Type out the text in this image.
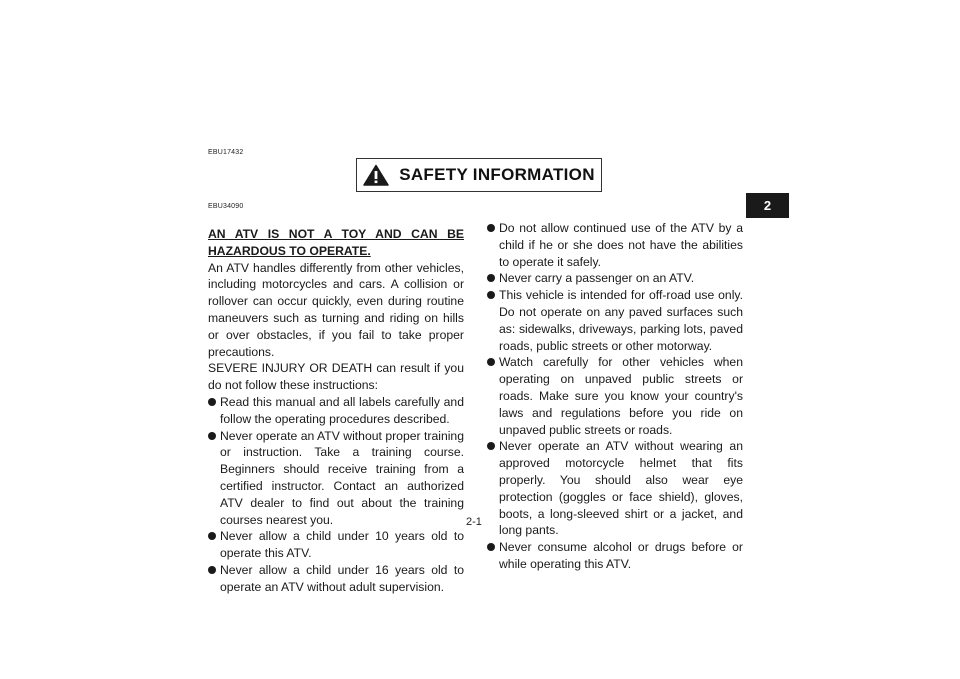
EBU17432
SAFETY INFORMATION
2
EBU34090

AN ATV IS NOT A TOY AND CAN BE HAZARDOUS TO OPERATE.

An ATV handles differently from other vehicles, including motorcycles and cars. A collision or rollover can occur quickly, even during routine maneuvers such as turning and riding on hills or over obstacles, if you fail to take proper precautions.

SEVERE INJURY OR DEATH can result if you do not follow these instructions:

Read this manual and all labels carefully and follow the operating procedures described.
Never operate an ATV without proper training or instruction. Take a training course. Beginners should receive training from a certified instructor. Contact an authorized ATV dealer to find out about the training courses nearest you.
Never allow a child under 10 years old to operate this ATV.
Never allow a child under 16 years old to operate an ATV without adult supervision.
Do not allow continued use of the ATV by a child if he or she does not have the abilities to operate it safely.
Never carry a passenger on an ATV.
This vehicle is intended for off-road use only. Do not operate on any paved surfaces such as: sidewalks, driveways, parking lots, paved roads, public streets or other motorway.
Watch carefully for other vehicles when operating on unpaved public streets or roads. Make sure you know your country's laws and regulations before you ride on unpaved public streets or roads.
Never operate an ATV without wearing an approved motorcycle helmet that fits properly. You should also wear eye protection (goggles or face shield), gloves, boots, a long-sleeved shirt or a jacket, and long pants.
Never consume alcohol or drugs before or while operating this ATV.
2-1
